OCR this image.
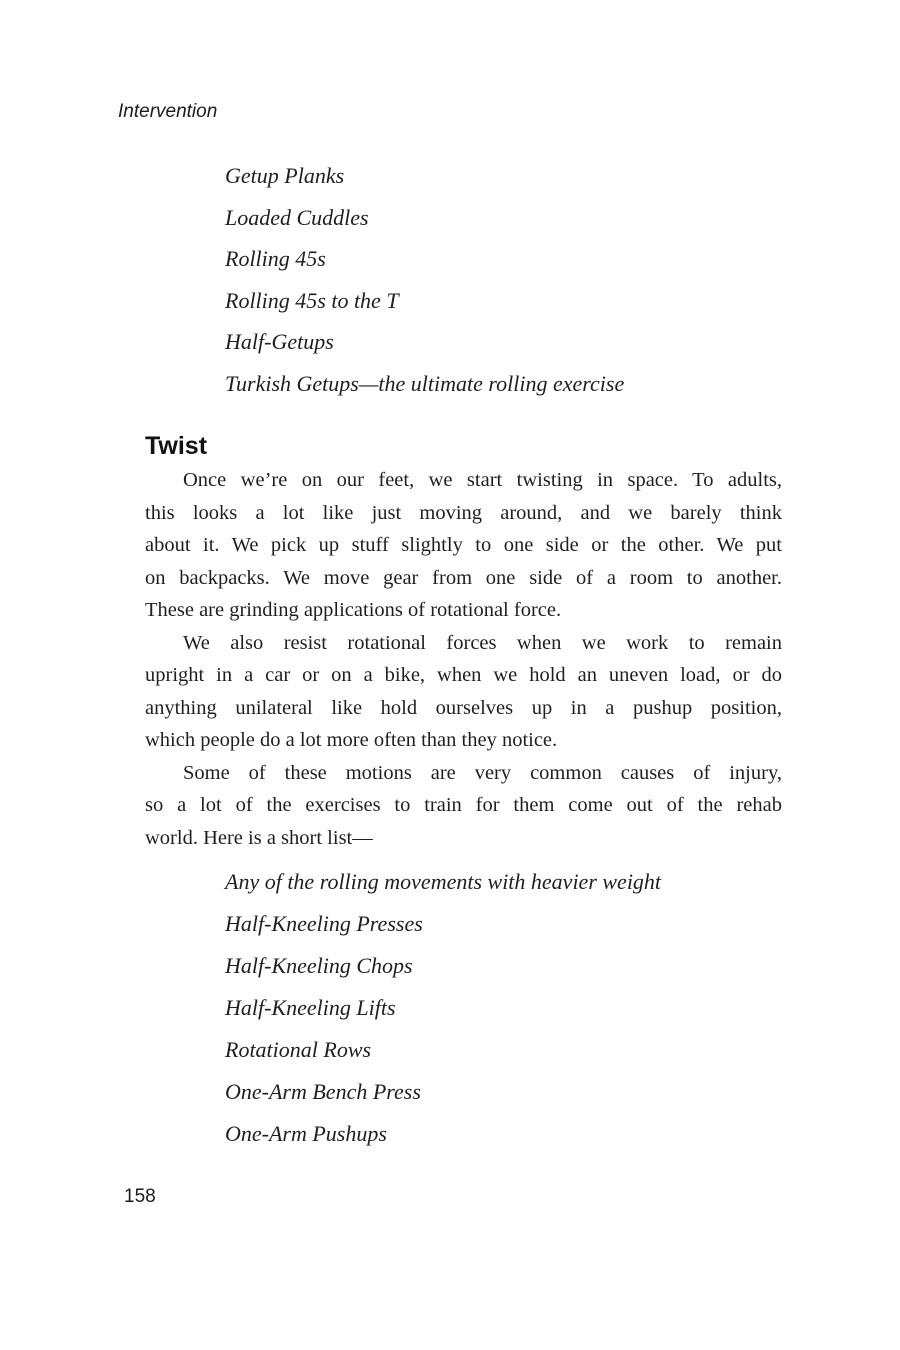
Intervention
Getup Planks
Loaded Cuddles
Rolling 45s
Rolling 45s to the T
Half-Getups
Turkish Getups—the ultimate rolling exercise
Twist
Once we’re on our feet, we start twisting in space. To adults,
this looks a lot like just moving around, and we barely think
about it. We pick up stuff slightly to one side or the other. We put
on backpacks. We move gear from one side of a room to another.
These are grinding applications of rotational force.
We also resist rotational forces when we work to remain
upright in a car or on a bike, when we hold an uneven load, or do
anything unilateral like hold ourselves up in a pushup position,
which people do a lot more often than they notice.
Some of these motions are very common causes of injury,
so a lot of the exercises to train for them come out of the rehab
world. Here is a short list—
Any of the rolling movements with heavier weight
Half-Kneeling Presses
Half-Kneeling Chops
Half-Kneeling Lifts
Rotational Rows
One-Arm Bench Press
One-Arm Pushups
158
